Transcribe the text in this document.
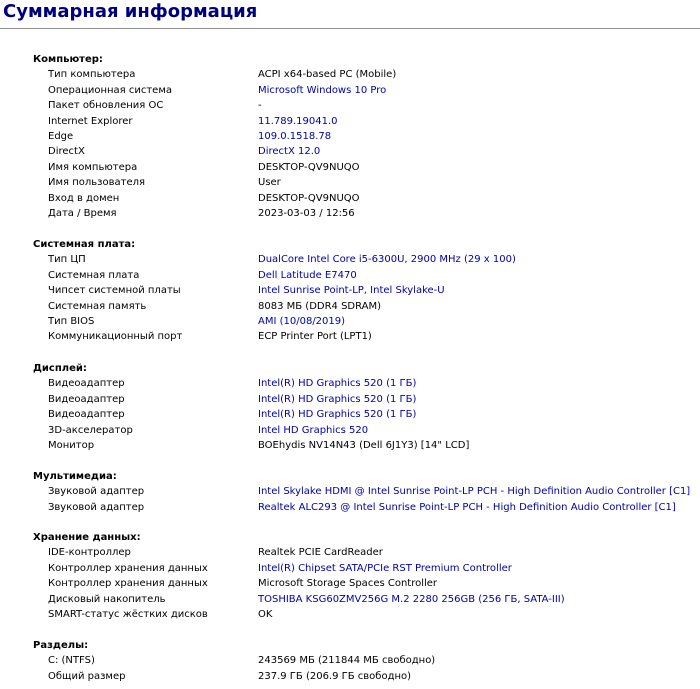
Суммарная информация
Компьютер:
Тип компьютера	ACPI x64-based PC (Mobile)
Операционная система	Microsoft Windows 10 Pro
Пакет обновления ОС	-
Internet Explorer	11.789.19041.0
Edge	109.0.1518.78
DirectX	DirectX 12.0
Имя компьютера	DESKTOP-QV9NUQO
Имя пользователя	User
Вход в домен	DESKTOP-QV9NUQO
Дата / Время	2023-03-03 / 12:56
Системная плата:
Тип ЦП	DualCore Intel Core i5-6300U, 2900 MHz (29 x 100)
Системная плата	Dell Latitude E7470
Чипсет системной платы	Intel Sunrise Point-LP, Intel Skylake-U
Системная память	8083 МБ (DDR4 SDRAM)
Тип BIOS	AMI (10/08/2019)
Коммуникационный порт	ECP Printer Port (LPT1)
Дисплей:
Видеоадаптер	Intel(R) HD Graphics 520 (1 ГБ)
Видеоадаптер	Intel(R) HD Graphics 520 (1 ГБ)
Видеоадаптер	Intel(R) HD Graphics 520 (1 ГБ)
3D-акселератор	Intel HD Graphics 520
Монитор	BOEhydis NV14N43 (Dell 6J1Y3) [14" LCD]
Мультимедиа:
Звуковой адаптер	Intel Skylake HDMI @ Intel Sunrise Point-LP PCH - High Definition Audio Controller [C1]
Звуковой адаптер	Realtek ALC293 @ Intel Sunrise Point-LP PCH - High Definition Audio Controller [C1]
Хранение данных:
IDE-контроллер	Realtek PCIE CardReader
Контроллер хранения данных	Intel(R) Chipset SATA/PCIe RST Premium Controller
Контроллер хранения данных	Microsoft Storage Spaces Controller
Дисковый накопитель	TOSHIBA KSG60ZMV256G M.2 2280 256GB (256 ГБ, SATA-III)
SMART-статус жёстких дисков	OK
Разделы:
C: (NTFS)	243569 МБ (211844 МБ свободно)
Общий размер	237.9 ГБ (206.9 ГБ свободно)
